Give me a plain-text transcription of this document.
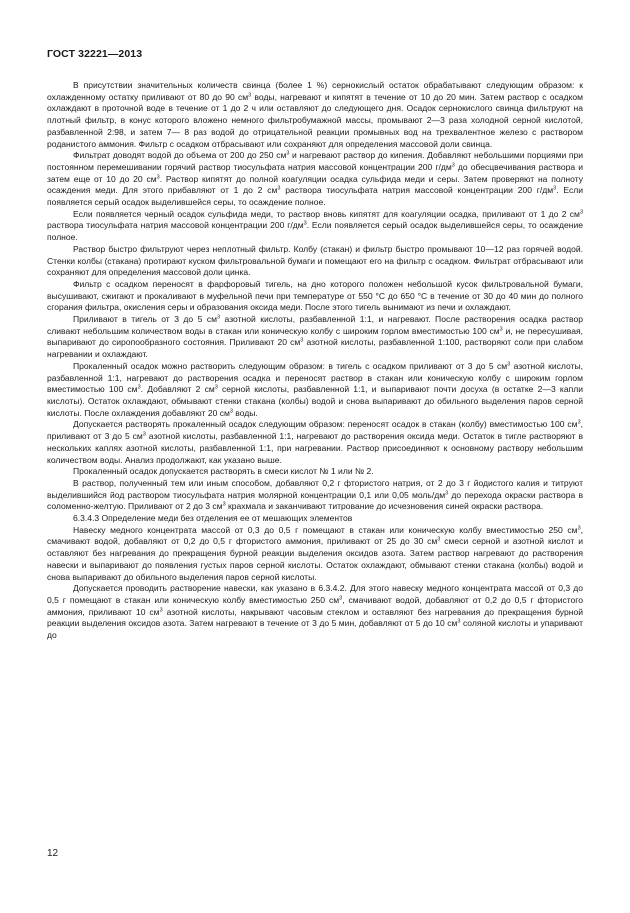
ГОСТ 32221—2013

В присутствии значительных количеств свинца (более 1 %) сернокислый остаток обрабатывают следующим образом: к охлажденному остатку приливают от 80 до 90 $см^3$ воды, нагревают и кипятят в течение от 10 до 20 мин. Затем раствор с осадком охлаждают в проточной воде в течение от 1 до 2 ч или оставляют до следующего дня. Осадок сернокислого свинца фильтруют на плотный фильтр, в конус которого вложено немного фильтробумажной массы, промывают 2—3 раза холодной серной кислотой, разбавленной 2:98, и затем 7— 8 раз водой до отрицательной реакции промывных вод на трехвалентное железо с раствором роданистого аммония. Фильтр с осадком отбрасывают или сохраняют для определения массовой доли свинца.

Фильтрат доводят водой до объема от 200 до 250 $см^3$ и нагревают раствор до кипения. Добавляют небольшими порциями при постоянном перемешивании горячий раствор тиосульфата натрия массовой концентрации 200 $г/дм^3$ до обесцвечивания раствора и затем еще от 10 до 20 $см^3$. Раствор кипятят до полной коагуляции осадка сульфида меди и серы. Затем проверяют на полноту осаждения меди. Для этого прибавляют от 1 до 2 $см^3$ раствора тиосульфата натрия массовой концентрации 200 $г/дм^3$. Если появляется серый осадок выделившейся серы, то осаждение полное.

Если появляется черный осадок сульфида меди, то раствор вновь кипятят для коагуляции осадка, приливают от 1 до 2 $см^3$ раствора тиосульфата натрия массовой концентрации 200 $г/дм^3$. Если появляется серый осадок выделившейся серы, то осаждение полное.

Раствор быстро фильтруют через неплотный фильтр. Колбу (стакан) и фильтр быстро промывают 10—12 раз горячей водой. Стенки колбы (стакана) протирают куском фильтровальной бумаги и помещают его на фильтр с осадком. Фильтрат отбрасывают или сохраняют для определения массовой доли цинка.

Фильтр с осадком переносят в фарфоровый тигель, на дно которого положен небольшой кусок фильтровальной бумаги, высушивают, сжигают и прокаливают в муфельной печи при температуре от 550 °С до 650 °С в течение от 30 до 40 мин до полного сгорания фильтра, окисления серы и образования оксида меди. После этого тигель вынимают из печи и охлаждают.

Приливают в тигель от 3 до 5 $см^3$ азотной кислоты, разбавленной 1:1, и нагревают. После растворения осадка раствор сливают небольшим количеством воды в стакан или коническую колбу с широким горлом вместимостью 100 $см^3$ и, не пересушивая, выпаривают до сиропообразного состояния. Приливают 20 $см^3$ азотной кислоты, разбавленной 1:100, растворяют соли при слабом нагревании и охлаждают.

Прокаленный осадок можно растворить следующим образом: в тигель с осадком приливают от 3 до 5 $см^3$ азотной кислоты, разбавленной 1:1, нагревают до растворения осадка и переносят раствор в стакан или коническую колбу с широким горлом вместимостью 100 $см^3$. Добавляют 2 $см^3$ серной кислоты, разбавленной 1:1, и выпаривают почти досуха (в остатке 2—3 капли кислоты). Остаток охлаждают, обмывают стенки стакана (колбы) водой и снова выпаривают до обильного выделения паров серной кислоты. После охлаждения добавляют 20 $см^3$ воды.

Допускается растворять прокаленный осадок следующим образом: переносят осадок в стакан (колбу) вместимостью 100 $см^3$, приливают от 3 до 5 $см^3$ азотной кислоты, разбавленной 1:1, нагревают до растворения оксида меди. Остаток в тигле растворяют в нескольких каплях азотной кислоты, разбавленной 1:1, при нагревании. Раствор присоединяют к основному раствору небольшим количеством воды. Анализ продолжают, как указано выше.

Прокаленный осадок допускается растворять в смеси кислот № 1 или № 2.

В раствор, полученный тем или иным способом, добавляют 0,2 г фтористого натрия, от 2 до 3 г йодистого калия и титруют выделившийся йод раствором тиосульфата натрия молярной концентрации 0,1 или 0,05 моль/$дм^3$ до перехода окраски раствора в соломенно-желтую. Приливают от 2 до 3 $см^3$ крахмала и заканчивают титрование до исчезновения синей окраски раствора.

6.3.4.3 Определение меди без отделения ее от мешающих элементов

Навеску медного концентрата массой от 0,3 до 0,5 г помещают в стакан или коническую колбу вместимостью 250 $см^3$, смачивают водой, добавляют от 0,2 до 0,5 г фтористого аммония, приливают от 25 до 30 $см^3$ смеси серной и азотной кислот и оставляют без нагревания до прекращения бурной реакции выделения оксидов азота. Затем раствор нагревают до растворения навески и выпаривают до появления густых паров серной кислоты. Остаток охлаждают, обмывают стенки стакана (колбы) водой и снова выпаривают до обильного выделения паров серной кислоты.

Допускается проводить растворение навески, как указано в 6.3.4.2. Для этого навеску медного концентрата массой от 0,3 до 0,5 г помещают в стакан или коническую колбу вместимостью 250 $см^3$, смачивают водой, добавляют от 0,2 до 0,5 г фтористого аммония, приливают 10 $см^3$ азотной кислоты, накрывают часовым стеклом и оставляют без нагревания до прекращения бурной реакции выделения оксидов азота. Затем нагревают в течение от 3 до 5 мин, добавляют от 5 до 10 $см^3$ соляной кислоты и упаривают до

12
